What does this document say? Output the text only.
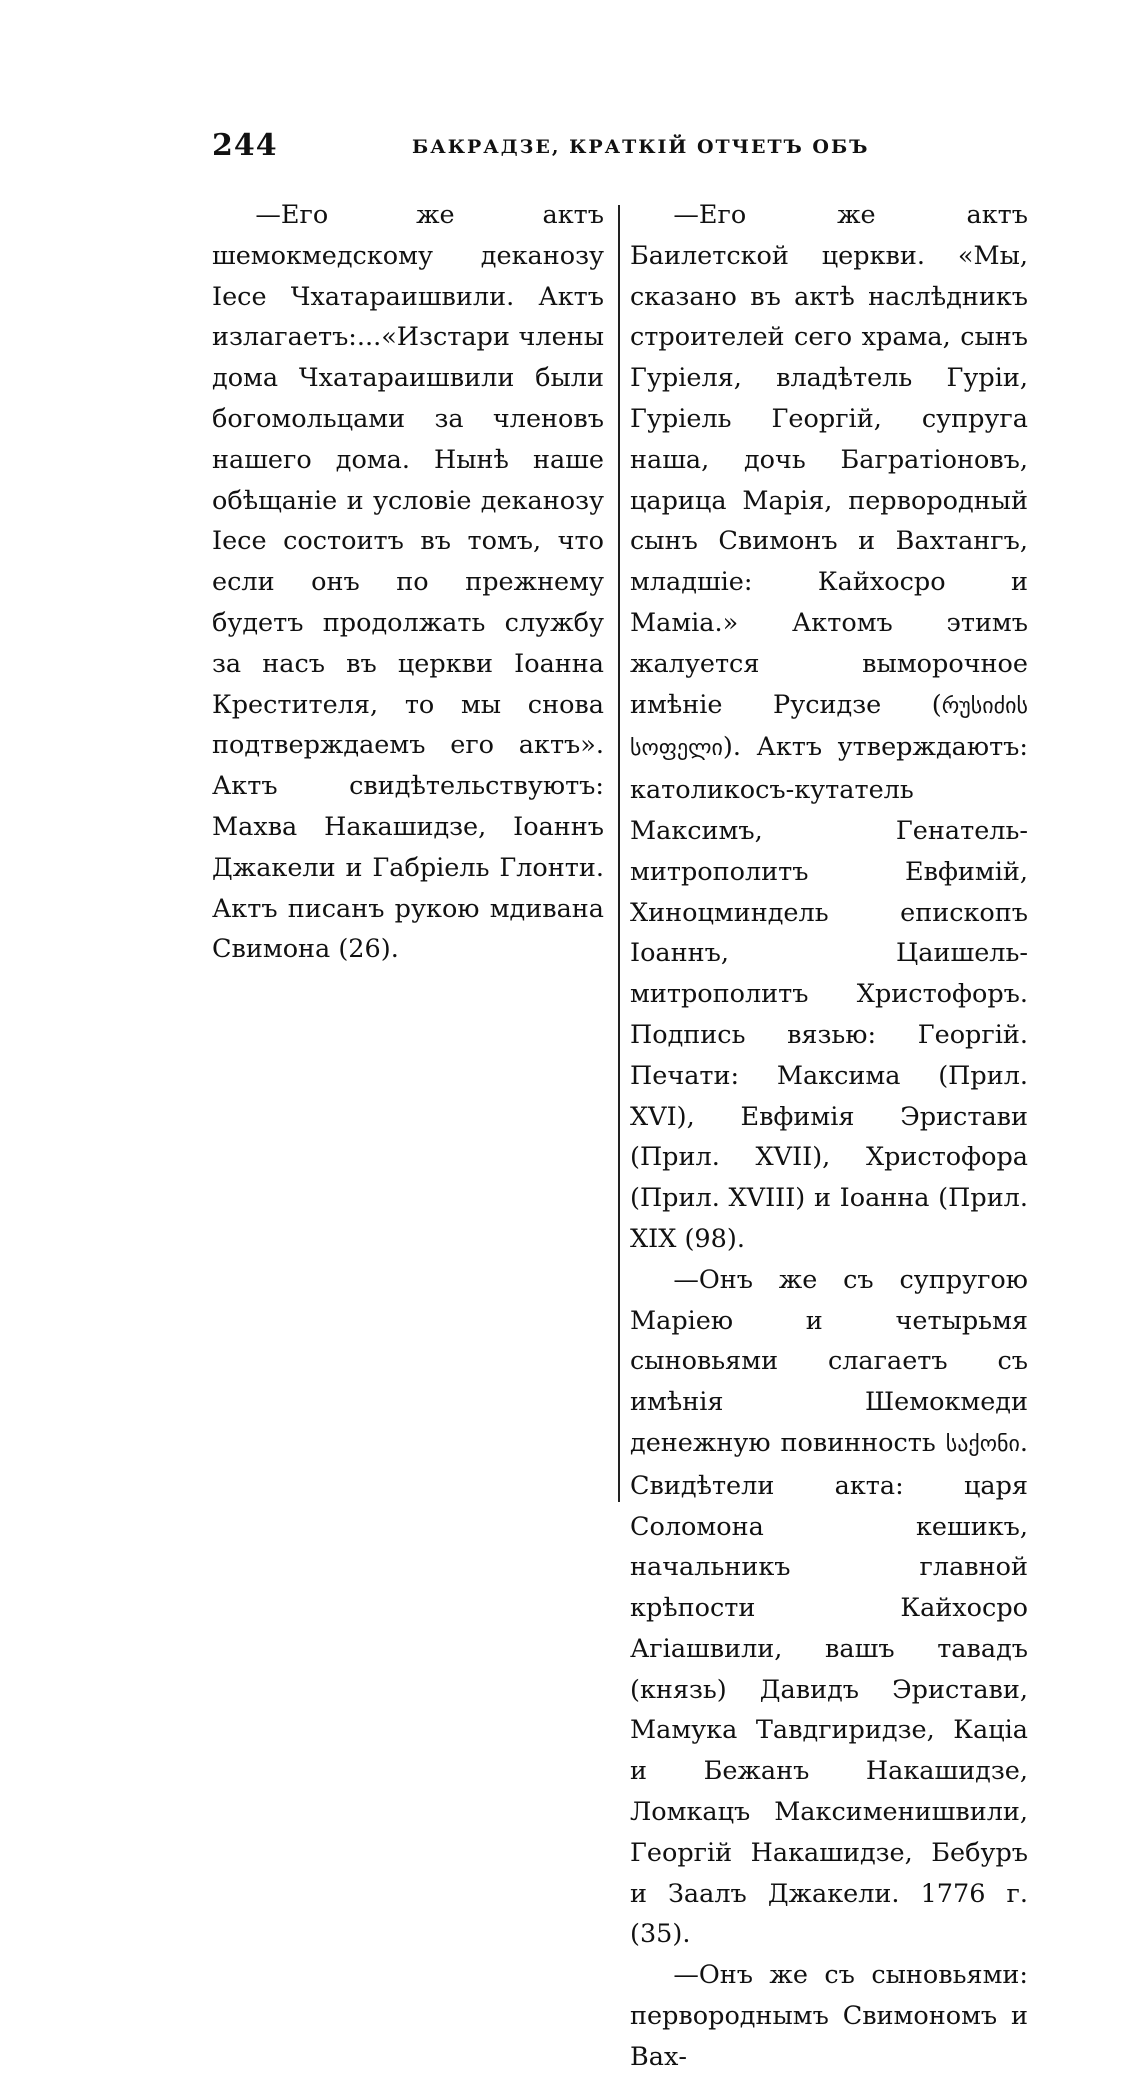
244	БАКРАДЗЕ, КРАТКІЙ ОТЧЕТЪ ОБЪ

—Его же актъ шемокмедскому деканозу Іесе Чхатараишвили. Актъ излагаетъ:...«Изстари члены дома Чхатараишвили были богомольцами за членовъ нашего дома. Нынѣ наше обѣщаніе и условіе деканозу Іесе состоитъ въ томъ, что если онъ по прежнему будетъ продолжать службу за насъ въ церкви Іоанна Крестителя, то мы снова подтверждаемъ его актъ». Актъ свидѣтельствуютъ: Махва Накашидзе, Іоаннъ Джакели и Габріель Глонти. Актъ писанъ рукою мдивана Свимона (26).

—Его же актъ Баилетской церкви. «Мы, сказано въ актѣ наслѣдникъ строителей сего храма, сынъ Гуріеля, владѣтель Гуріи, Гуріель Георгій, супруга наша, дочь Багратіоновъ, царица Марія, первородный сынъ Свимонъ и Вахтангъ, младшіе: Кайхосро и Маміа.» Актомъ этимъ жалуется выморочное имѣніе Русидзе (რუსიძის სოფელი). Актъ утверждаютъ: католикосъ-кутатель Максимъ, Генатель-митрополитъ Евфимій, Хиноцминдель епископъ Іоаннъ, Цаишель-митрополитъ Христофоръ. Подпись вязью: Георгій. Печати: Максима (Прил. XVI), Евфимія Эристави (Прил. XVII), Христофора (Прил. XVIII) и Іоанна (Прил. XIX (98).

—Онъ же съ супругою Маріею и четырьмя сыновьями слагаетъ съ имѣнія Шемокмеди денежную повинность საქონი. Свидѣтели акта: царя Соломона кешикъ, начальникъ главной крѣпости Кайхосро Агіашвили, вашъ тавадъ (князь) Давидъ Эристави, Мамука Тавдгиридзе, Каціа и Бежанъ Накашидзе, Ломкацъ Максименишвили, Георгій Накашидзе, Бебуръ и Заалъ Джакели. 1776 г. (35).

—Онъ же съ сыновьями: первороднымъ Свимономъ и Вах-
